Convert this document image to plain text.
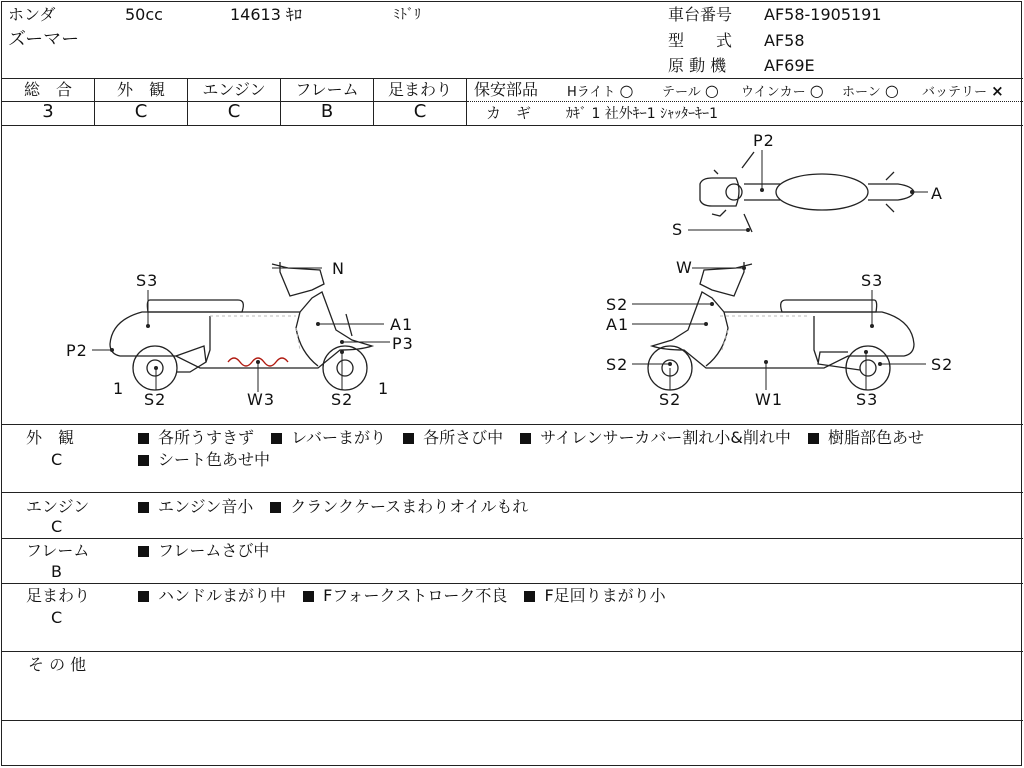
ホンダ	50cc	14613 ｷﾛ	ﾐﾄﾞﾘ
ズーマー
車台番号 AF58-1905191
型　　式 AF58
原 動 機 AF69E
総　合	外　観	エンジン	フレーム	足まわり
3	C	C	B	C
保安部品 Hライト ○ テール ○ ウインカー ○ ホーン ○ バッテリー ×
カ　ギ ｶｷﾞ 1 社外ｷｰ1 ｼｬｯﾀｰｷｰ1
P2
A
S
S3
N
A1
P3
P2
1
S2	W3	S2
1
W
S3
S2
A1
S2
S2
S2
W1	S3
外　観
C
各所うすきず レバーまがり 各所さび中 サイレンサーカバー割れ小&削れ中 樹脂部色あせ
シート色あせ中
エンジン
C
エンジン音小 クランクケースまわりオイルもれ
フレーム
B
フレームさび中
足まわり
C
ハンドルまがり中 Fフォークストローク不良 F足回りまがり小
そ の 他
